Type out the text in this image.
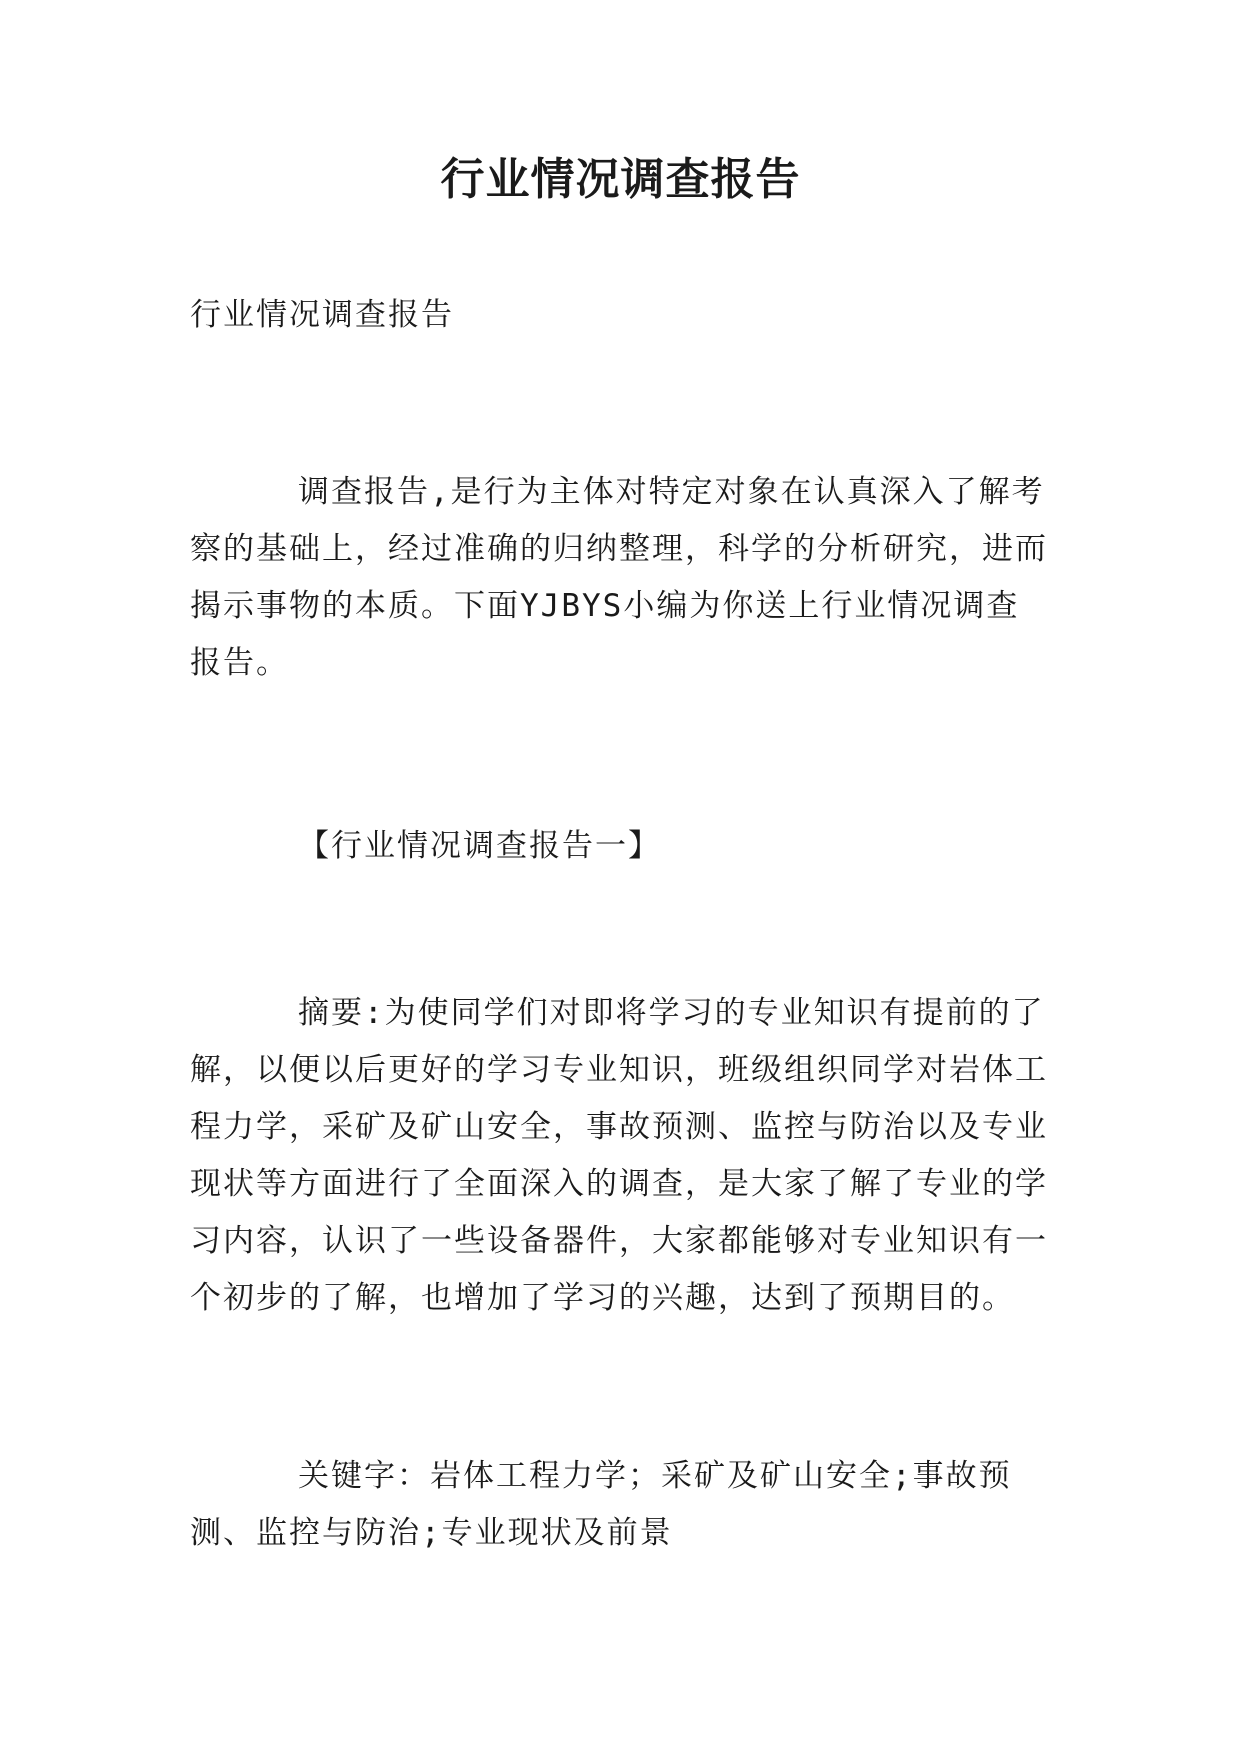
行业情况调查报告

行业情况调查报告

调查报告,是行为主体对特定对象在认真深入了解考察的基础上，经过准确的归纳整理，科学的分析研究，进而揭示事物的本质。下面YJBYS小编为你送上行业情况调查报告。

【行业情况调查报告一】

摘要:为使同学们对即将学习的专业知识有提前的了解，以便以后更好的学习专业知识，班级组织同学对岩体工程力学，采矿及矿山安全，事故预测、监控与防治以及专业现状等方面进行了全面深入的调查，是大家了解了专业的学习内容，认识了一些设备器件，大家都能够对专业知识有一个初步的了解，也增加了学习的兴趣，达到了预期目的。

关键字：岩体工程力学；采矿及矿山安全;事故预测、监控与防治;专业现状及前景
